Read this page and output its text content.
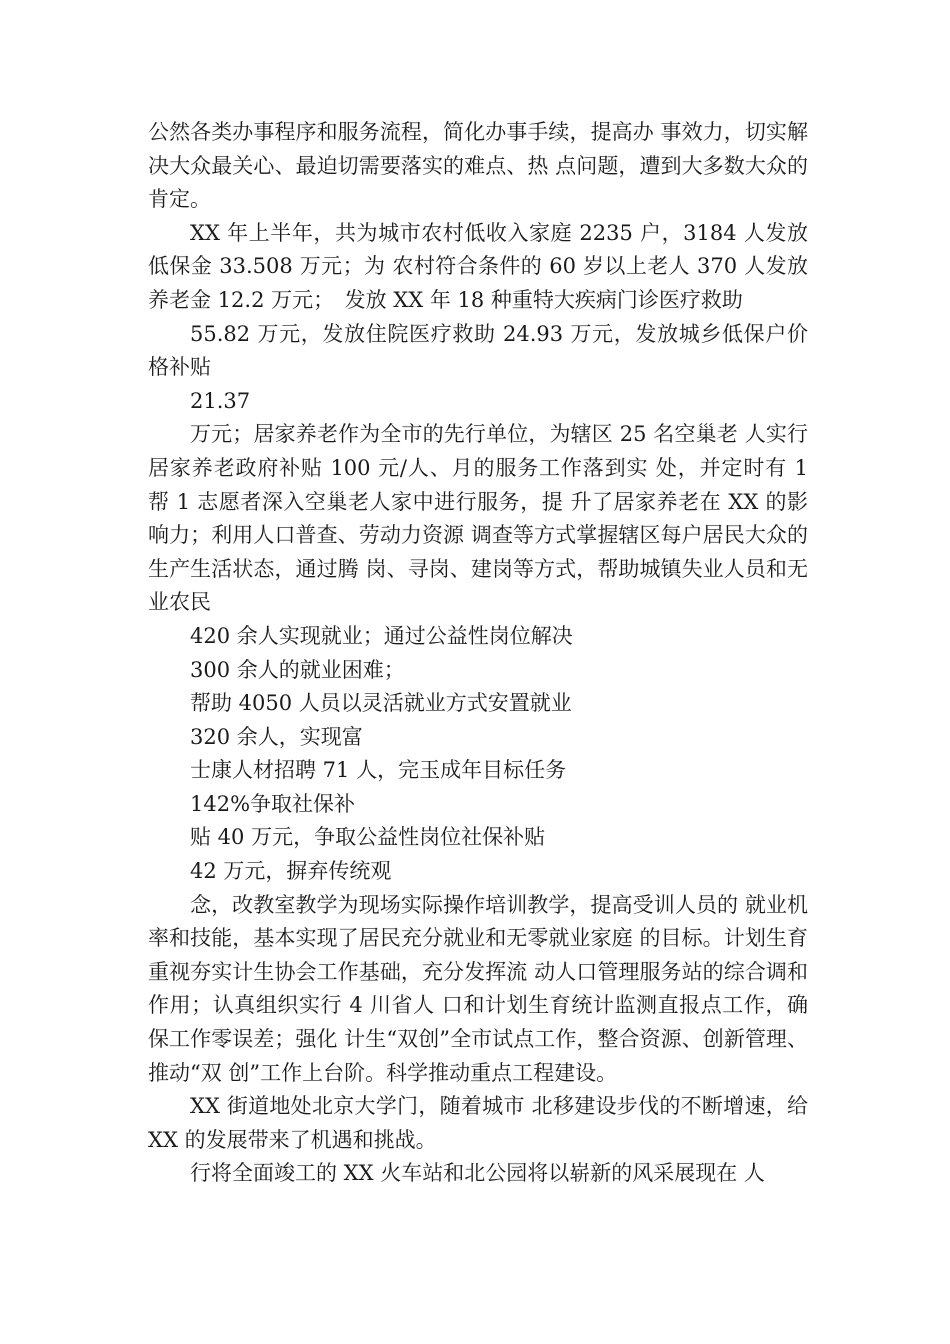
公然各类办事程序和服务流程，简化办事手续，提高办 事效力，切实解决大众最关心、最迫切需要落实的难点、热 点问题，遭到大多数大众的肯定。

XX 年上半年，共为城市农村低收入家庭 2235 户，3184 人发放低保金 33.508 万元；为 农村符合条件的 60 岁以上老人 370 人发放养老金 12.2 万元；　发放 XX 年 18 种重特大疾病门诊医疗救助

55.82 万元，发放住院医疗救助 24.93 万元，发放城乡低保户价格补贴

21.37

万元；居家养老作为全市的先行单位，为辖区 25 名空巢老 人实行居家养老政府补贴 100 元/人、月的服务工作落到实 处，并定时有 1 帮 1 志愿者深入空巢老人家中进行服务，提 升了居家养老在 XX 的影响力；利用人口普查、劳动力资源 调查等方式掌握辖区每户居民大众的生产生活状态，通过腾 岗、寻岗、建岗等方式，帮助城镇失业人员和无业农民

420 余人实现就业；通过公益性岗位解决

300 余人的就业困难；

帮助 4050 人员以灵活就业方式安置就业

320 余人，实现富

士康人材招聘 71 人，完玉成年目标任务

142%争取社保补

贴 40 万元，争取公益性岗位社保补贴

42 万元，摒弃传统观

念，改教室教学为现场实际操作培训教学，提高受训人员的 就业机率和技能，基本实现了居民充分就业和无零就业家庭 的目标。计划生育重视夯实计生协会工作基础，充分发挥流 动人口管理服务站的综合调和作用；认真组织实行 4 川省人 口和计划生育统计监测直报点工作，确保工作零误差；强化 计生“双创”全市试点工作，整合资源、创新管理、推动“双 创”工作上台阶。科学推动重点工程建设。

XX 街道地处北京大学门，随着城市 北移建设步伐的不断增速，给 XX 的发展带来了机遇和挑战。

行将全面竣工的 XX 火车站和北公园将以崭新的风采展现在 人
